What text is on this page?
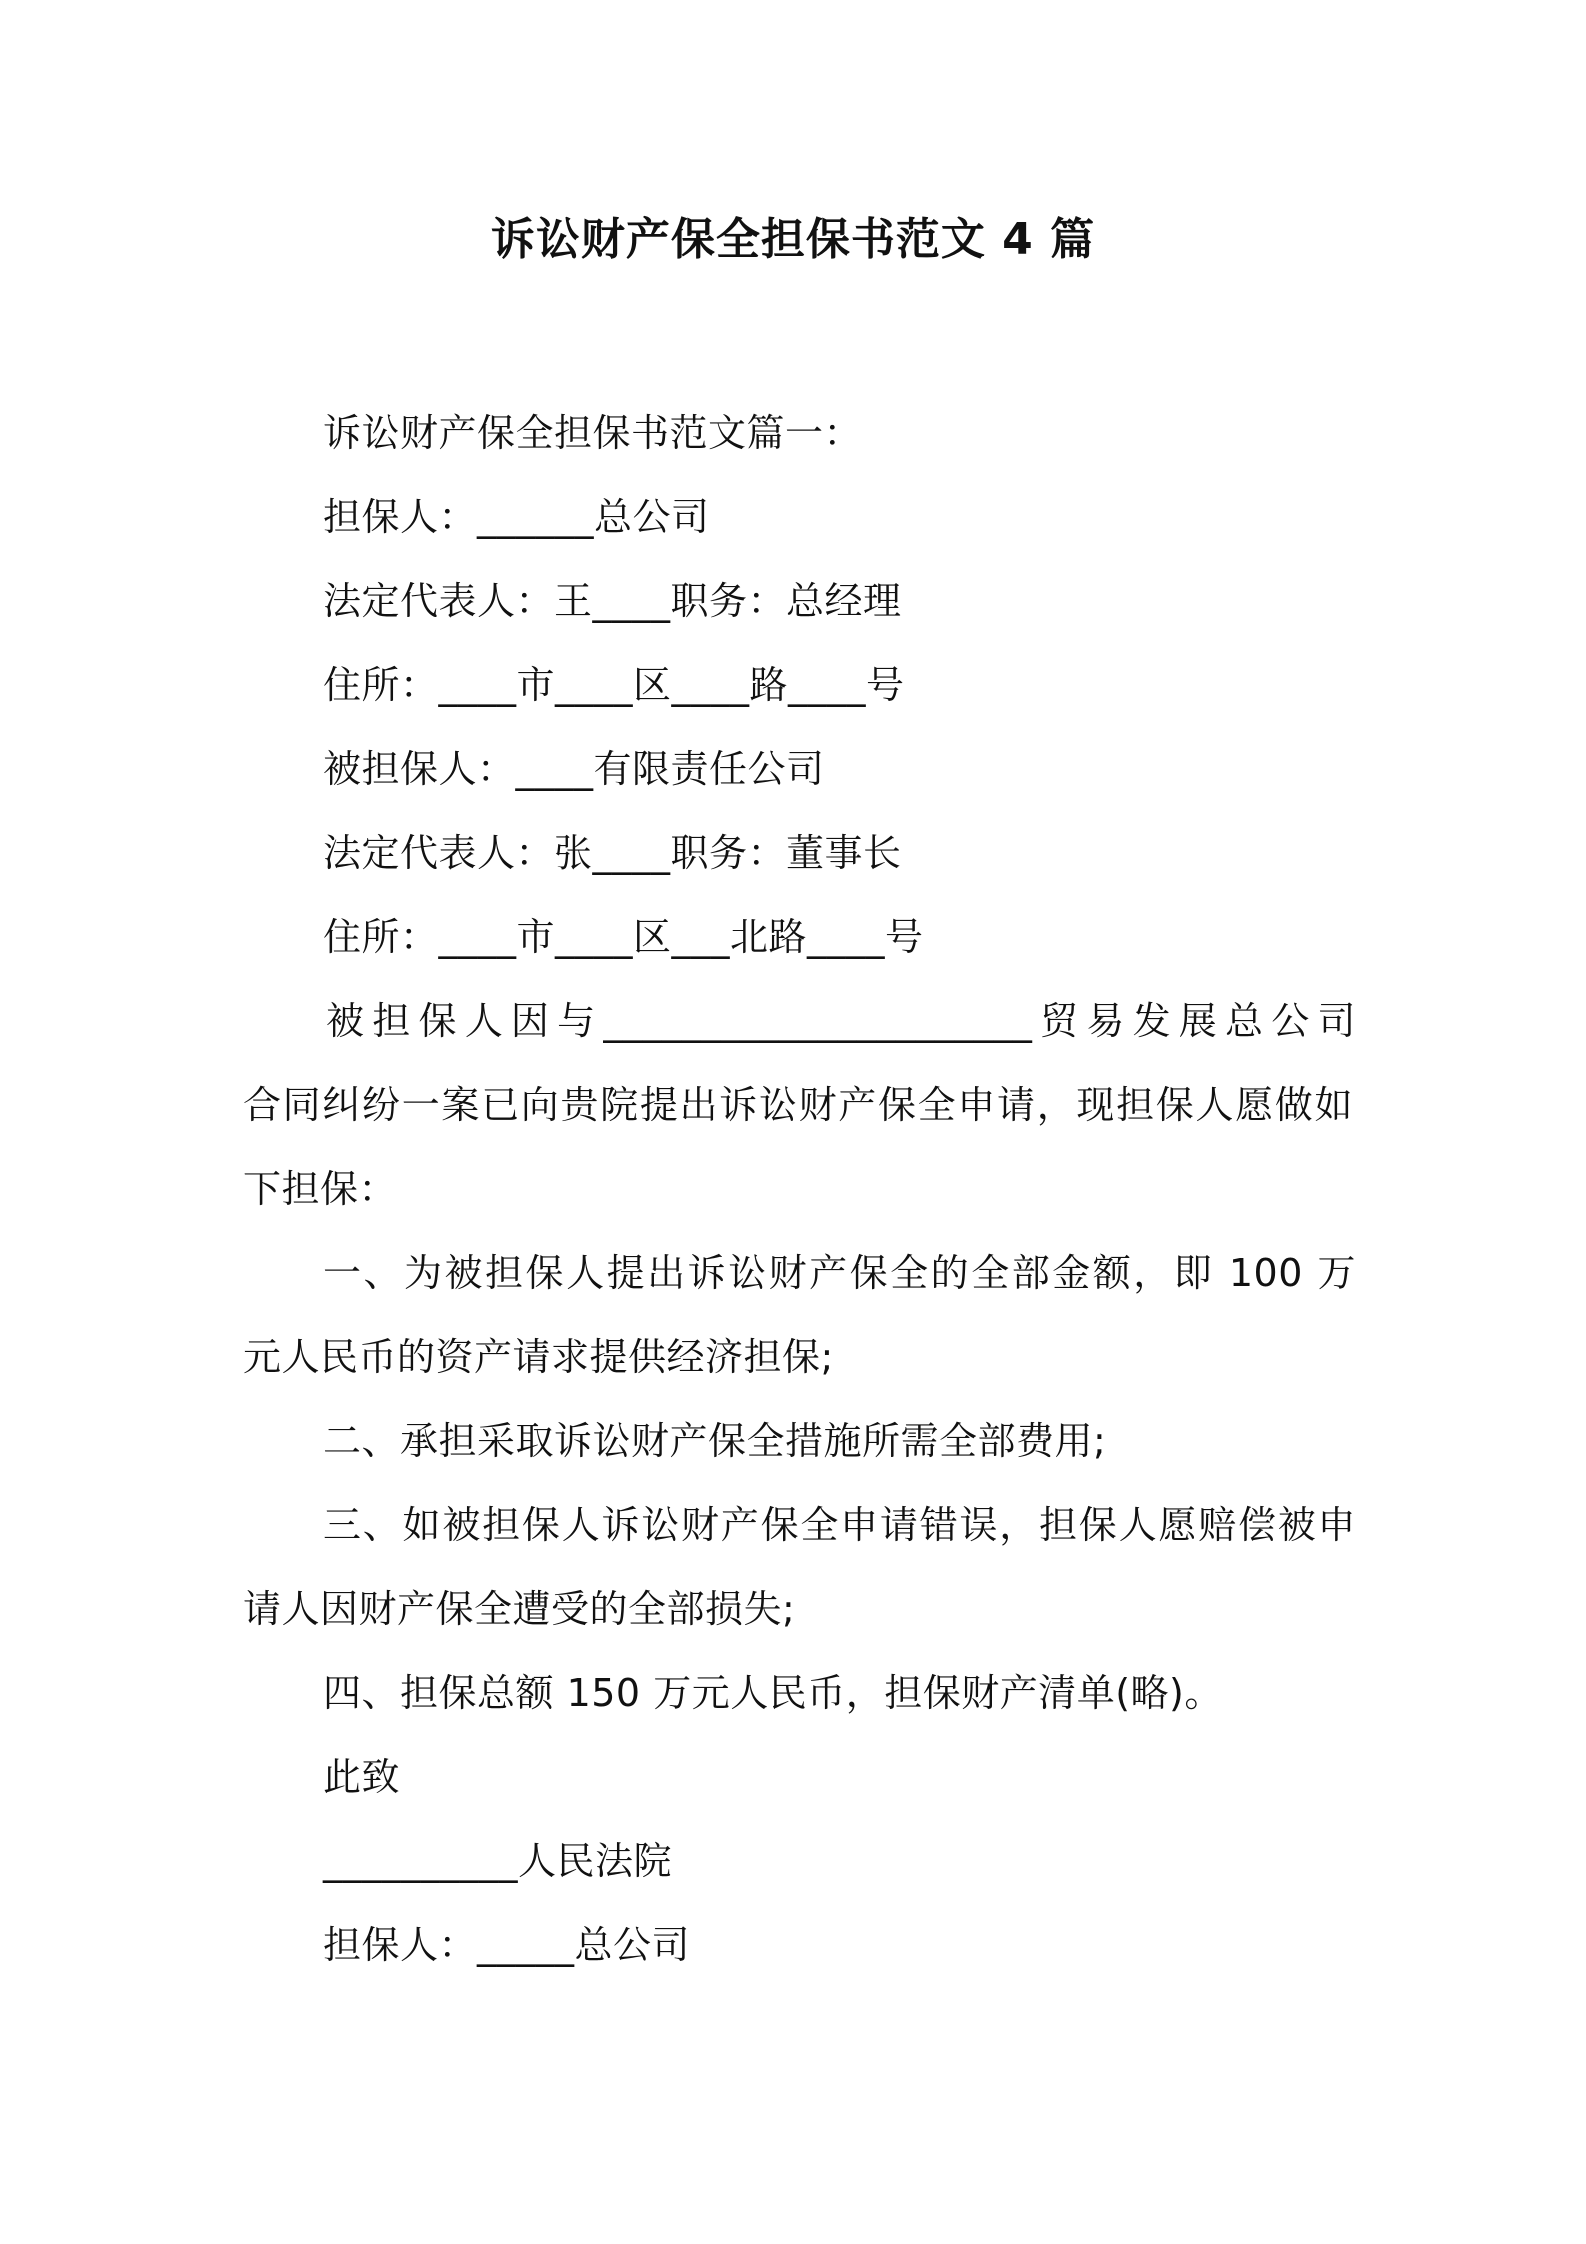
诉讼财产保全担保书范文 4 篇
诉讼财产保全担保书范文篇一：
担保人：______总公司
法定代表人：王____职务：总经理
住所：____市____区____路____号
被担保人：____有限责任公司
法定代表人：张____职务：董事长
住所：____市____区___北路____号
被担保人因与______________________贸易发展总公司
合同纠纷一案已向贵院提出诉讼财产保全申请，现担保人愿做如
下担保：
一、为被担保人提出诉讼财产保全的全部金额，即 100 万
元人民币的资产请求提供经济担保;
二、承担采取诉讼财产保全措施所需全部费用;
三、如被担保人诉讼财产保全申请错误，担保人愿赔偿被申
请人因财产保全遭受的全部损失;
四、担保总额 150 万元人民币，担保财产清单(略)。
此致
__________人民法院
担保人：_____总公司
